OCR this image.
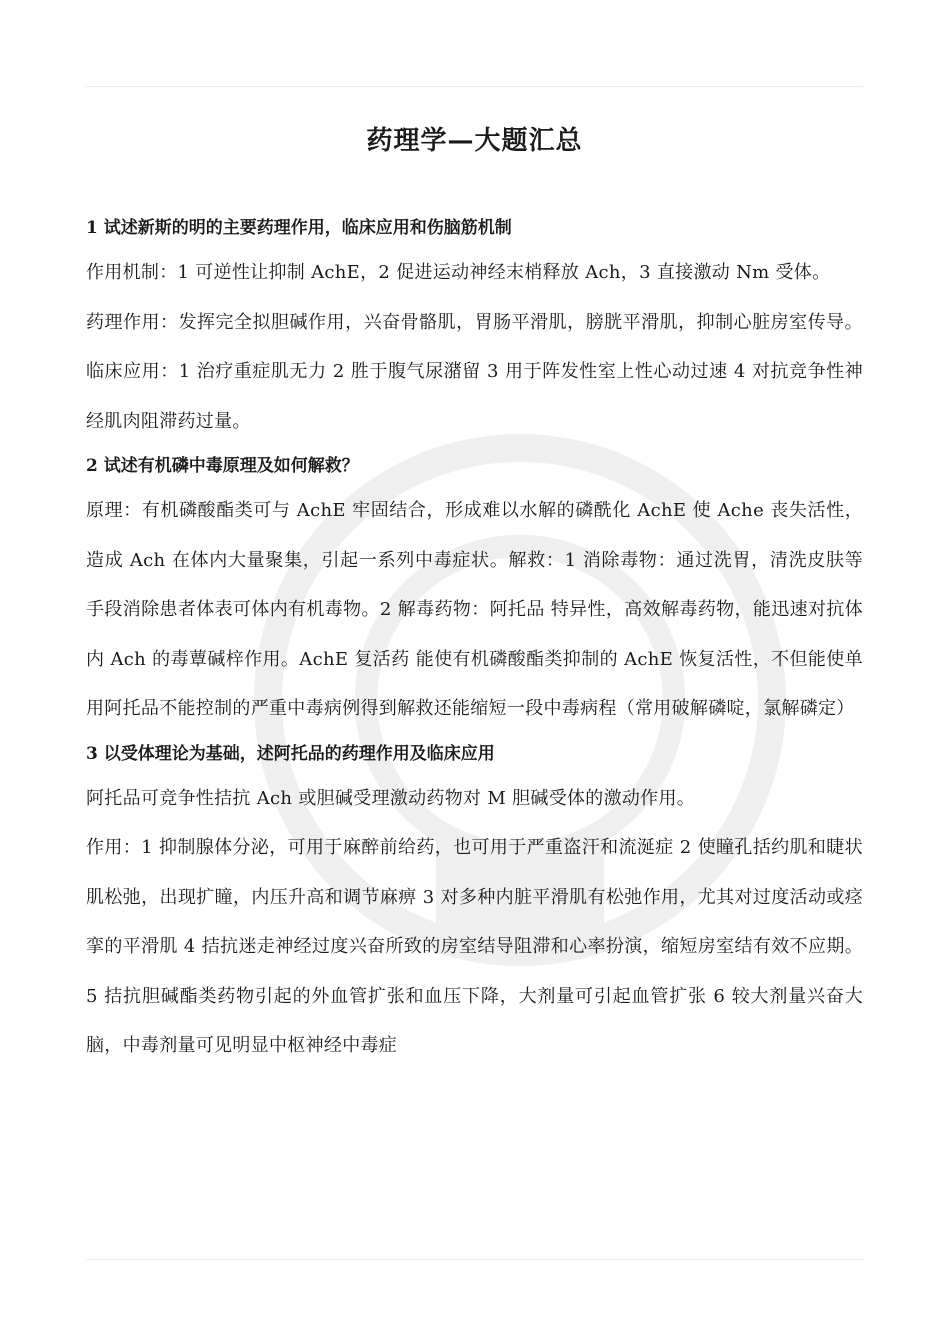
药理学—大题汇总
1 试述新斯的明的主要药理作用，临床应用和伤脑筋机制

作用机制：1 可逆性让抑制 AchE，2 促进运动神经末梢释放 Ach，3 直接激动 Nm 受体。

药理作用：发挥完全拟胆碱作用，兴奋骨骼肌，胃肠平滑肌，膀胱平滑肌，抑制心脏房室传导。临床应用：1 治疗重症肌无力 2 胜于腹气尿潴留 3 用于阵发性室上性心动过速 4 对抗竞争性神经肌肉阻滞药过量。

2 试述有机磷中毒原理及如何解救？

原理：有机磷酸酯类可与 AchE 牢固结合，形成难以水解的磷酰化 AchE 使 Ache 丧失活性，造成 Ach 在体内大量聚集，引起一系列中毒症状。解救：1 消除毒物：通过洗胃，清洗皮肤等手段消除患者体表可体内有机毒物。2 解毒药物：阿托品 特异性，高效解毒药物，能迅速对抗体内 Ach 的毒蕈碱梓作用。AchE 复活药 能使有机磷酸酯类抑制的 AchE 恢复活性，不但能使单用阿托品不能控制的严重中毒病例得到解救还能缩短一段中毒病程（常用破解磷啶，氯解磷定）

3 以受体理论为基础，述阿托品的药理作用及临床应用

阿托品可竞争性拮抗 Ach 或胆碱受理激动药物对 M 胆碱受体的激动作用。

作用：1 抑制腺体分泌，可用于麻醉前给药，也可用于严重盗汗和流涎症 2 使瞳孔括约肌和睫状肌松弛，出现扩瞳，内压升高和调节麻痹 3 对多种内脏平滑肌有松弛作用，尤其对过度活动或痉挛的平滑肌 4 拮抗迷走神经过度兴奋所致的房室结导阻滞和心率扮演，缩短房室结有效不应期。5 拮抗胆碱酯类药物引起的外血管扩张和血压下降，大剂量可引起血管扩张 6 较大剂量兴奋大脑，中毒剂量可见明显中枢神经中毒症
